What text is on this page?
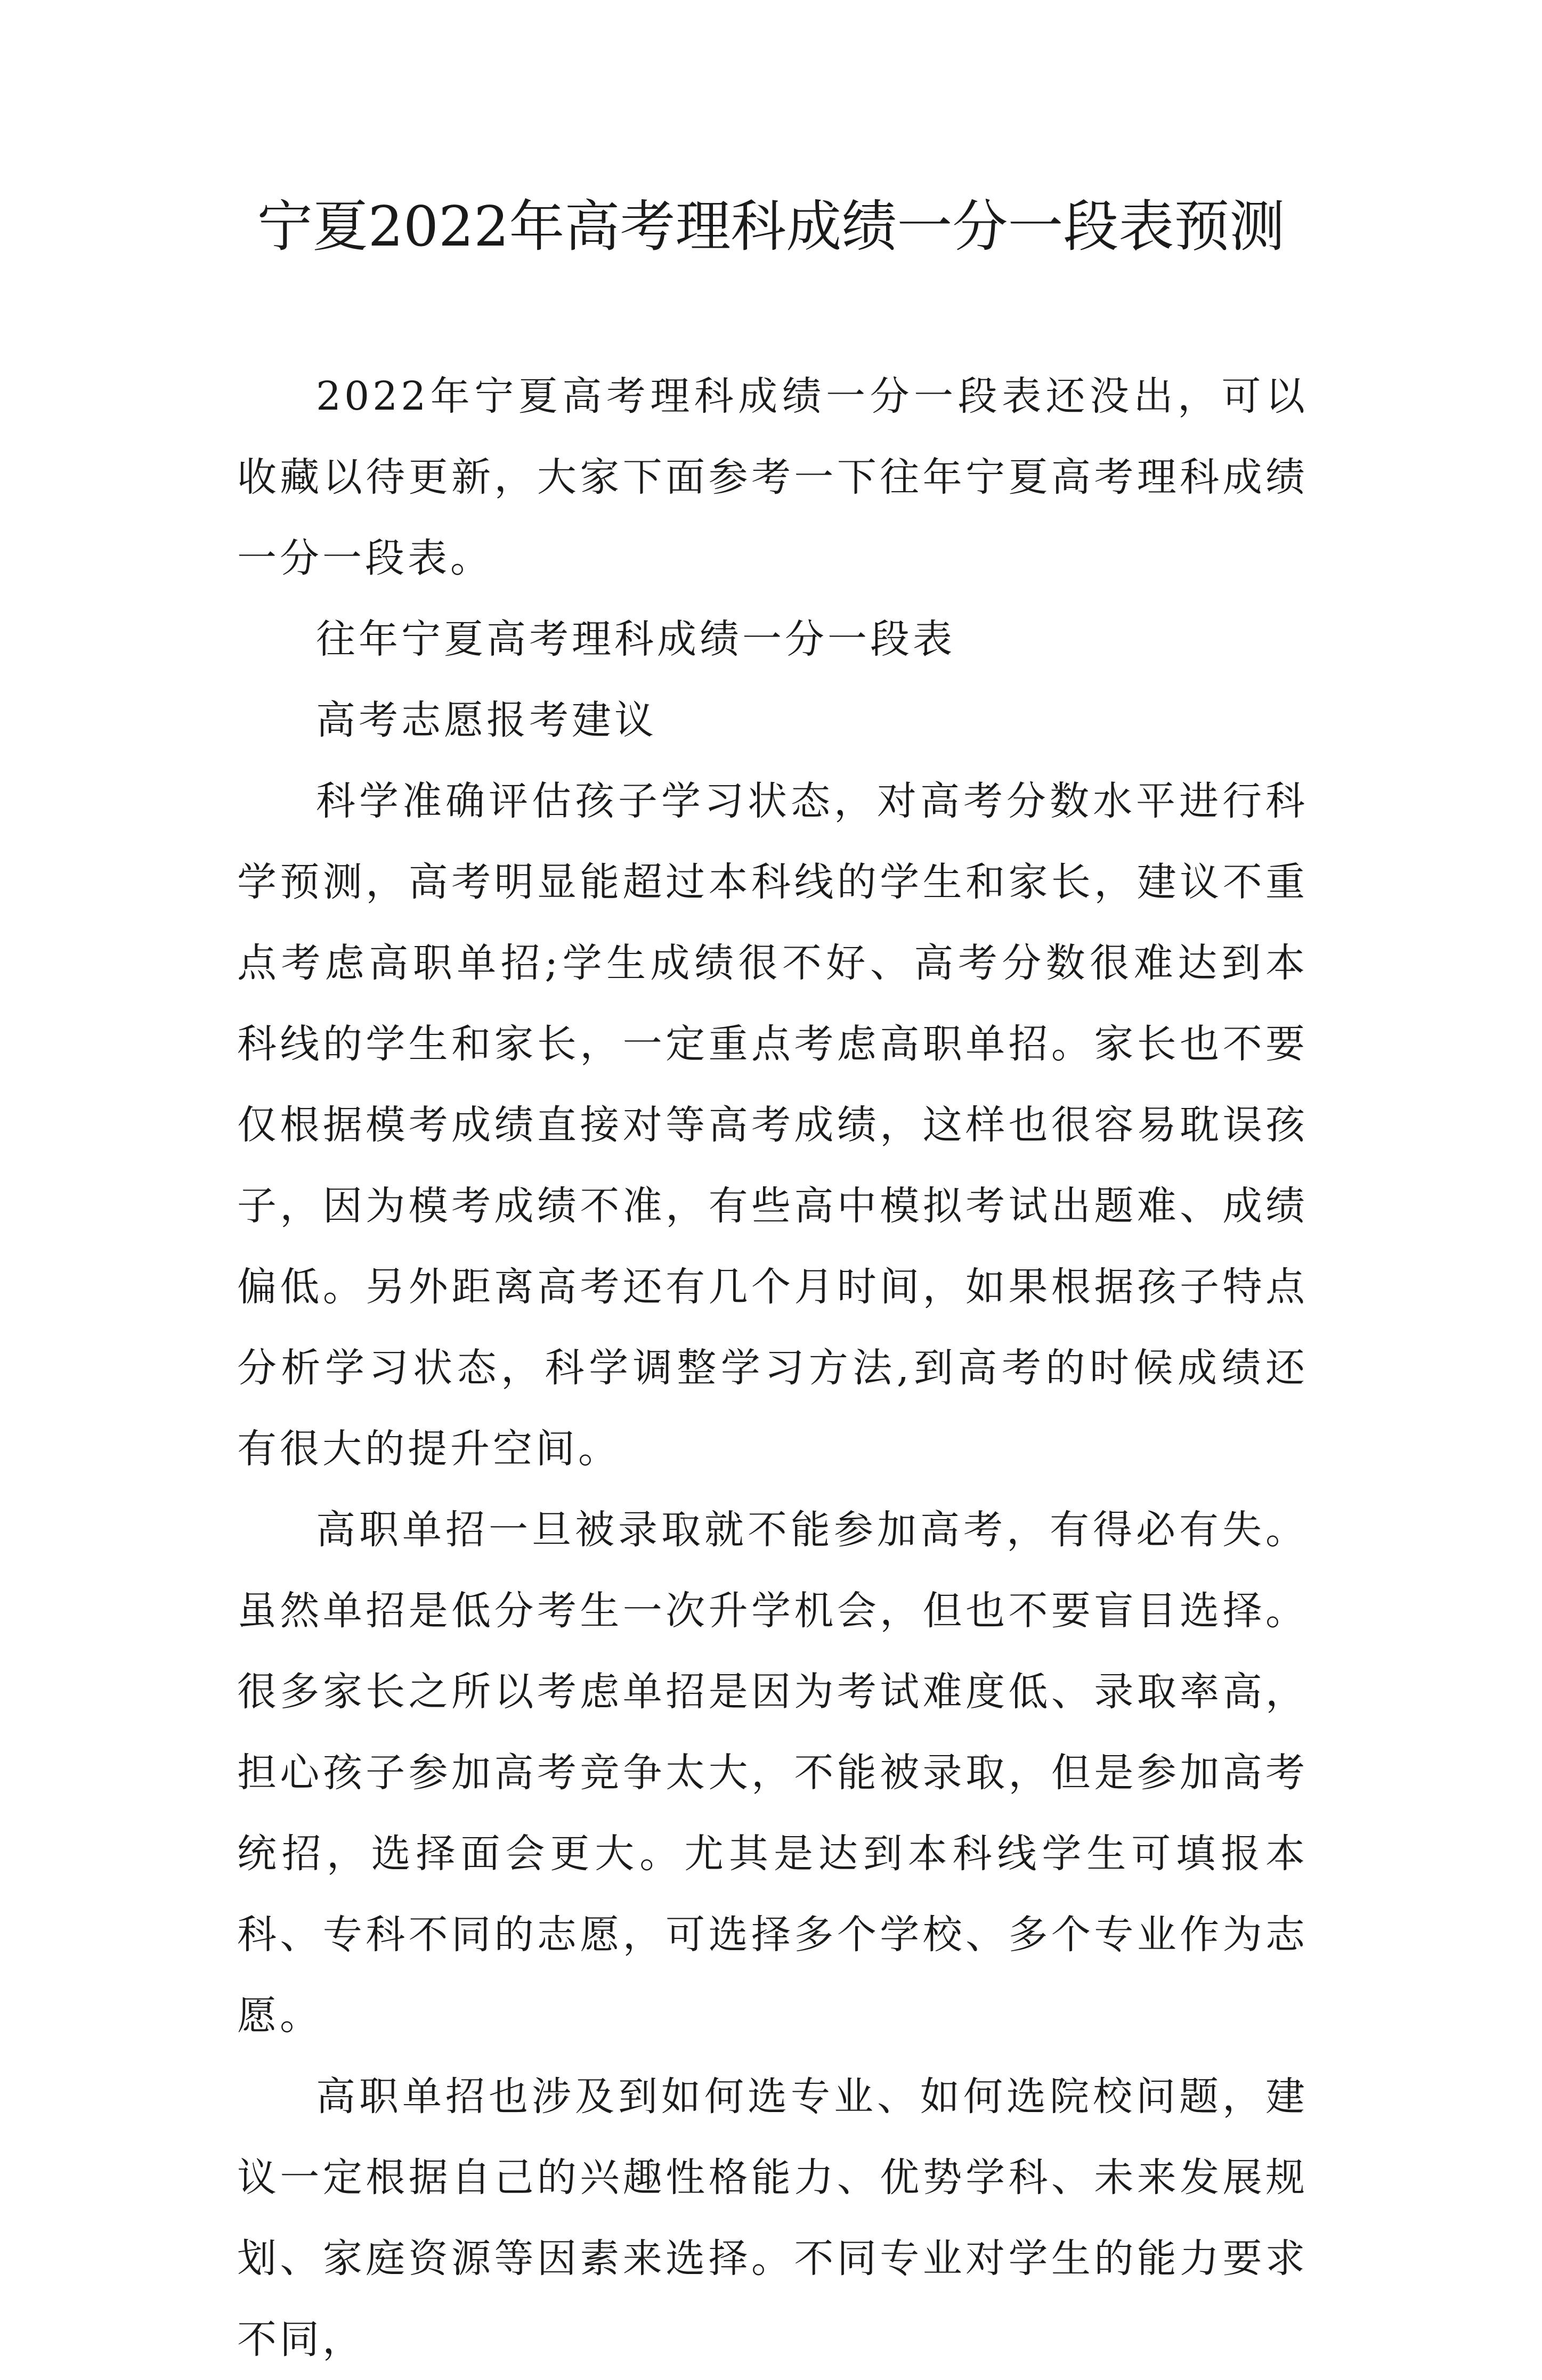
宁夏2022年高考理科成绩一分一段表预测

2022年宁夏高考理科成绩一分一段表还没出，可以收藏以待更新，大家下面参考一下往年宁夏高考理科成绩一分一段表。

往年宁夏高考理科成绩一分一段表

高考志愿报考建议

科学准确评估孩子学习状态，对高考分数水平进行科学预测，高考明显能超过本科线的学生和家长，建议不重点考虑高职单招;学生成绩很不好、高考分数很难达到本科线的学生和家长，一定重点考虑高职单招。家长也不要仅根据模考成绩直接对等高考成绩，这样也很容易耽误孩子，因为模考成绩不准，有些高中模拟考试出题难、成绩偏低。另外距离高考还有几个月时间，如果根据孩子特点分析学习状态，科学调整学习方法,到高考的时候成绩还有很大的提升空间。

高职单招一旦被录取就不能参加高考，有得必有失。虽然单招是低分考生一次升学机会，但也不要盲目选择。很多家长之所以考虑单招是因为考试难度低、录取率高，担心孩子参加高考竞争太大，不能被录取，但是参加高考统招，选择面会更大。尤其是达到本科线学生可填报本科、专科不同的志愿，可选择多个学校、多个专业作为志愿。

高职单招也涉及到如何选专业、如何选院校问题，建议一定根据自己的兴趣性格能力、优势学科、未来发展规划、家庭资源等因素来选择。不同专业对学生的能力要求不同，
